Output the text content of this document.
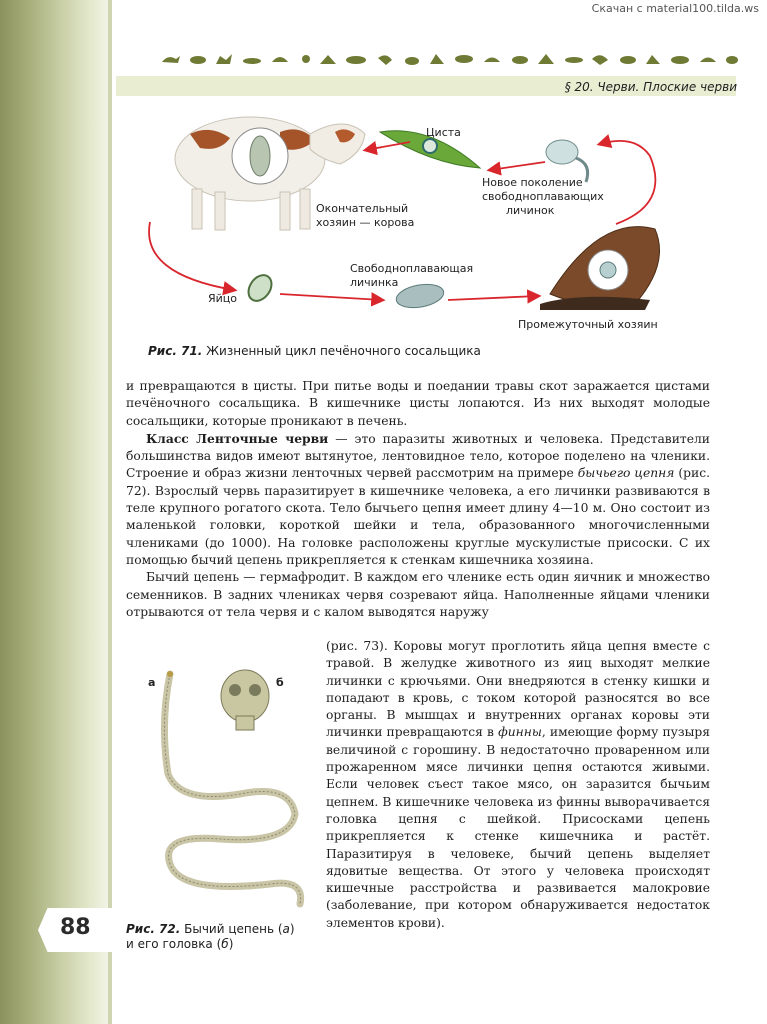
Скачан с material100.tilda.ws
§ 20. Черви. Плоские черви
Циста
Новое поколение
свободноплавающих
личинок
Окончательный
хозяин — корова
Свободноплавающая
личинка
Яйцо
Промежуточный хозяин
Рис. 71. Жизненный цикл печёночного сосальщика

и превращаются в цисты. При питье воды и поедании травы скот заражается цистами печёночного сосальщика. В кишечнике цисты лопаются. Из них выходят молодые сосальщики, которые проникают в печень.

Класс Ленточные черви — это паразиты животных и человека. Представители большинства видов имеют вытянутое, лентовидное тело, которое поделено на членики. Строение и образ жизни ленточных червей рассмотрим на примере бычьего цепня (рис. 72). Взрослый червь паразитирует в кишечнике человека, а его личинки развиваются в теле крупного рогатого скота. Тело бычьего цепня имеет длину 4—10 м. Оно состоит из маленькой головки, короткой шейки и тела, образованного многочисленными члениками (до 1000). На головке расположены круглые мускулистые присоски. С их помощью бычий цепень прикрепляется к стенкам кишечника хозяина.

Бычий цепень — гермафродит. В каждом его членике есть один яичник и множество семенников. В задних члениках червя созревают яйца. Наполненные яйцами членики отрываются от тела червя и с калом выводятся наружу

а	б

(рис. 73). Коровы могут проглотить яйца цепня вместе с травой. В желудке животного из яиц выходят мелкие личинки с крючьями. Они внедряются в стенку кишки и попадают в кровь, с током которой разносятся во все органы. В мышцах и внутренних органах коровы эти личинки превращаются в финны, имеющие форму пузыря величиной с горошину. В недостаточно проваренном или прожаренном мясе личинки цепня остаются живыми. Если человек съест такое мясо, он заразится бычьим цепнем. В кишечнике человека из финны выворачивается головка цепня с шейкой. Присосками цепень прикрепляется к стенке кишечника и растёт. Паразитируя в человеке, бычий цепень выделяет ядовитые вещества. От этого у человека происходят кишечные расстройства и развивается малокровие (заболевание, при котором обнаруживается недостаток элементов крови).

88	Рис. 72. Бычий цепень (а)
и его головка (б)
